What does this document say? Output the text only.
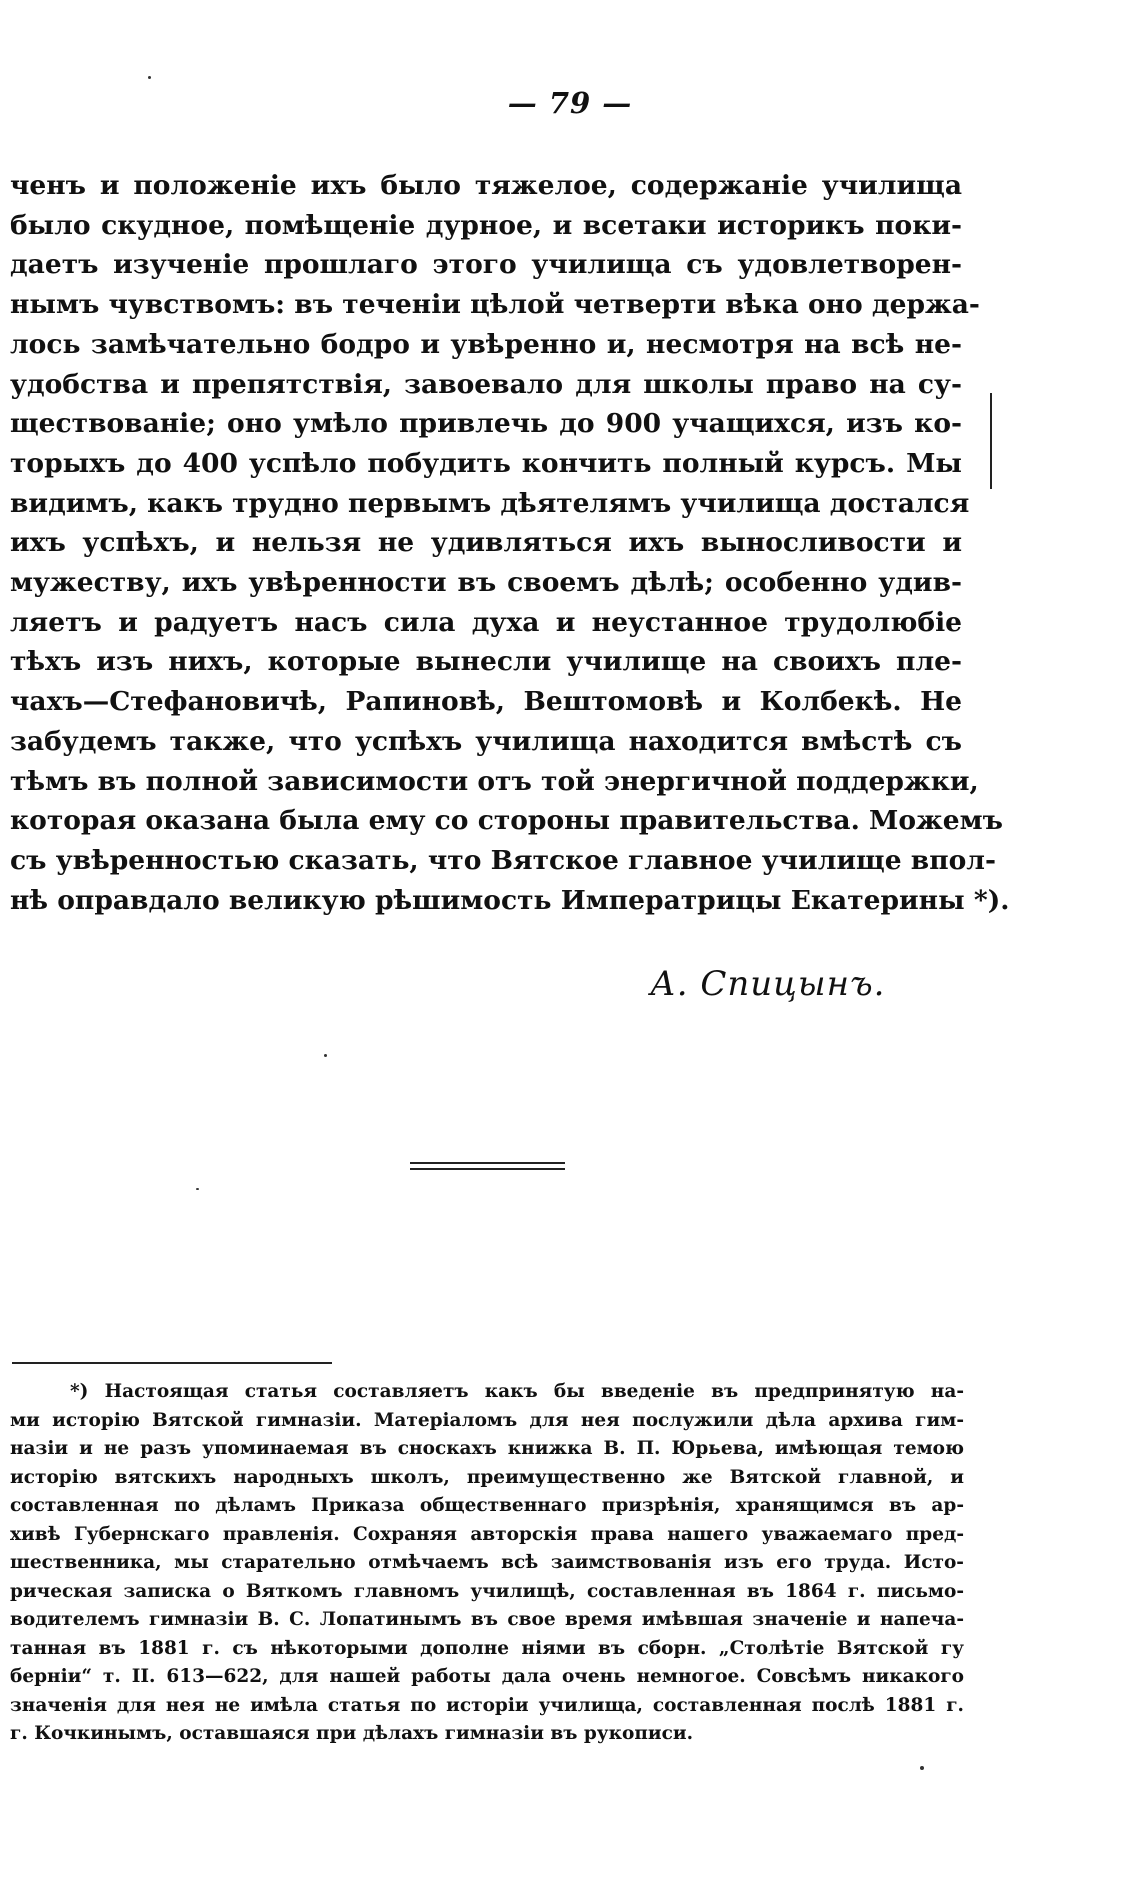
— 79 —
ченъ и положеніе ихъ было тяжелое, содержаніе училища
было скудное, помѣщеніе дурное, и всетаки историкъ поки-
даетъ изученіе прошлаго этого училища съ удовлетворен-
нымъ чувствомъ: въ теченіи цѣлой четверти вѣка оно держа-
лось замѣчательно бодро и увѣренно и, несмотря на всѣ не-
удобства и препятствія, завоевало для школы право на су-
ществованіе; оно умѣло привлечь до 900 учащихся, изъ ко-
торыхъ до 400 успѣло побудить кончить полный курсъ. Мы
видимъ, какъ трудно первымъ дѣятелямъ училища достался
ихъ успѣхъ, и нельзя не удивляться ихъ выносливости и
мужеству, ихъ увѣренности въ своемъ дѣлѣ; особенно удив-
ляетъ и радуетъ насъ сила духа и неустанное трудолюбіе
тѣхъ изъ нихъ, которые вынесли училище на своихъ пле-
чахъ—Стефановичѣ, Рапиновѣ, Вештомовѣ и Колбекѣ. Не
забудемъ также, что успѣхъ училища находится вмѣстѣ съ
тѣмъ въ полной зависимости отъ той энергичной поддержки,
которая оказана была ему со стороны правительства. Можемъ
съ увѣренностью сказать, что Вятское главное училище впол-
нѣ оправдало великую рѣшимость Императрицы Екатерины *).
А. Спицынъ.
*) Настоящая статья составляетъ какъ бы введеніе въ предпринятую на-
ми исторію Вятской гимназіи. Матеріаломъ для нея послужили дѣла архива гим-
назіи и не разъ упоминаемая въ сноскахъ книжка В. П. Юрьева, имѣющая темою
исторію вятскихъ народныхъ школъ, преимущественно же Вятской главной, и
составленная по дѣламъ Приказа общественнаго призрѣнія, хранящимся въ ар-
хивѣ Губернскаго правленія. Сохраняя авторскія права нашего уважаемаго пред-
шественника, мы старательно отмѣчаемъ всѣ заимствованія изъ его труда. Исто-
рическая записка о Вяткомъ главномъ училищѣ, составленная въ 1864 г. письмо-
водителемъ гимназіи В. С. Лопатинымъ въ свое время имѣвшая значеніе и напеча-
танная въ 1881 г. съ нѣкоторыми дополне ніями въ сборн. „Столѣтіе Вятской гу
берніи“ т. II. 613—622, для нашей работы дала очень немногое. Совсѣмъ никакого
значенія для нея не имѣла статья по исторіи училища, составленная послѣ 1881 г.
г. Кочкинымъ, оставшаяся при дѣлахъ гимназіи въ рукописи.
